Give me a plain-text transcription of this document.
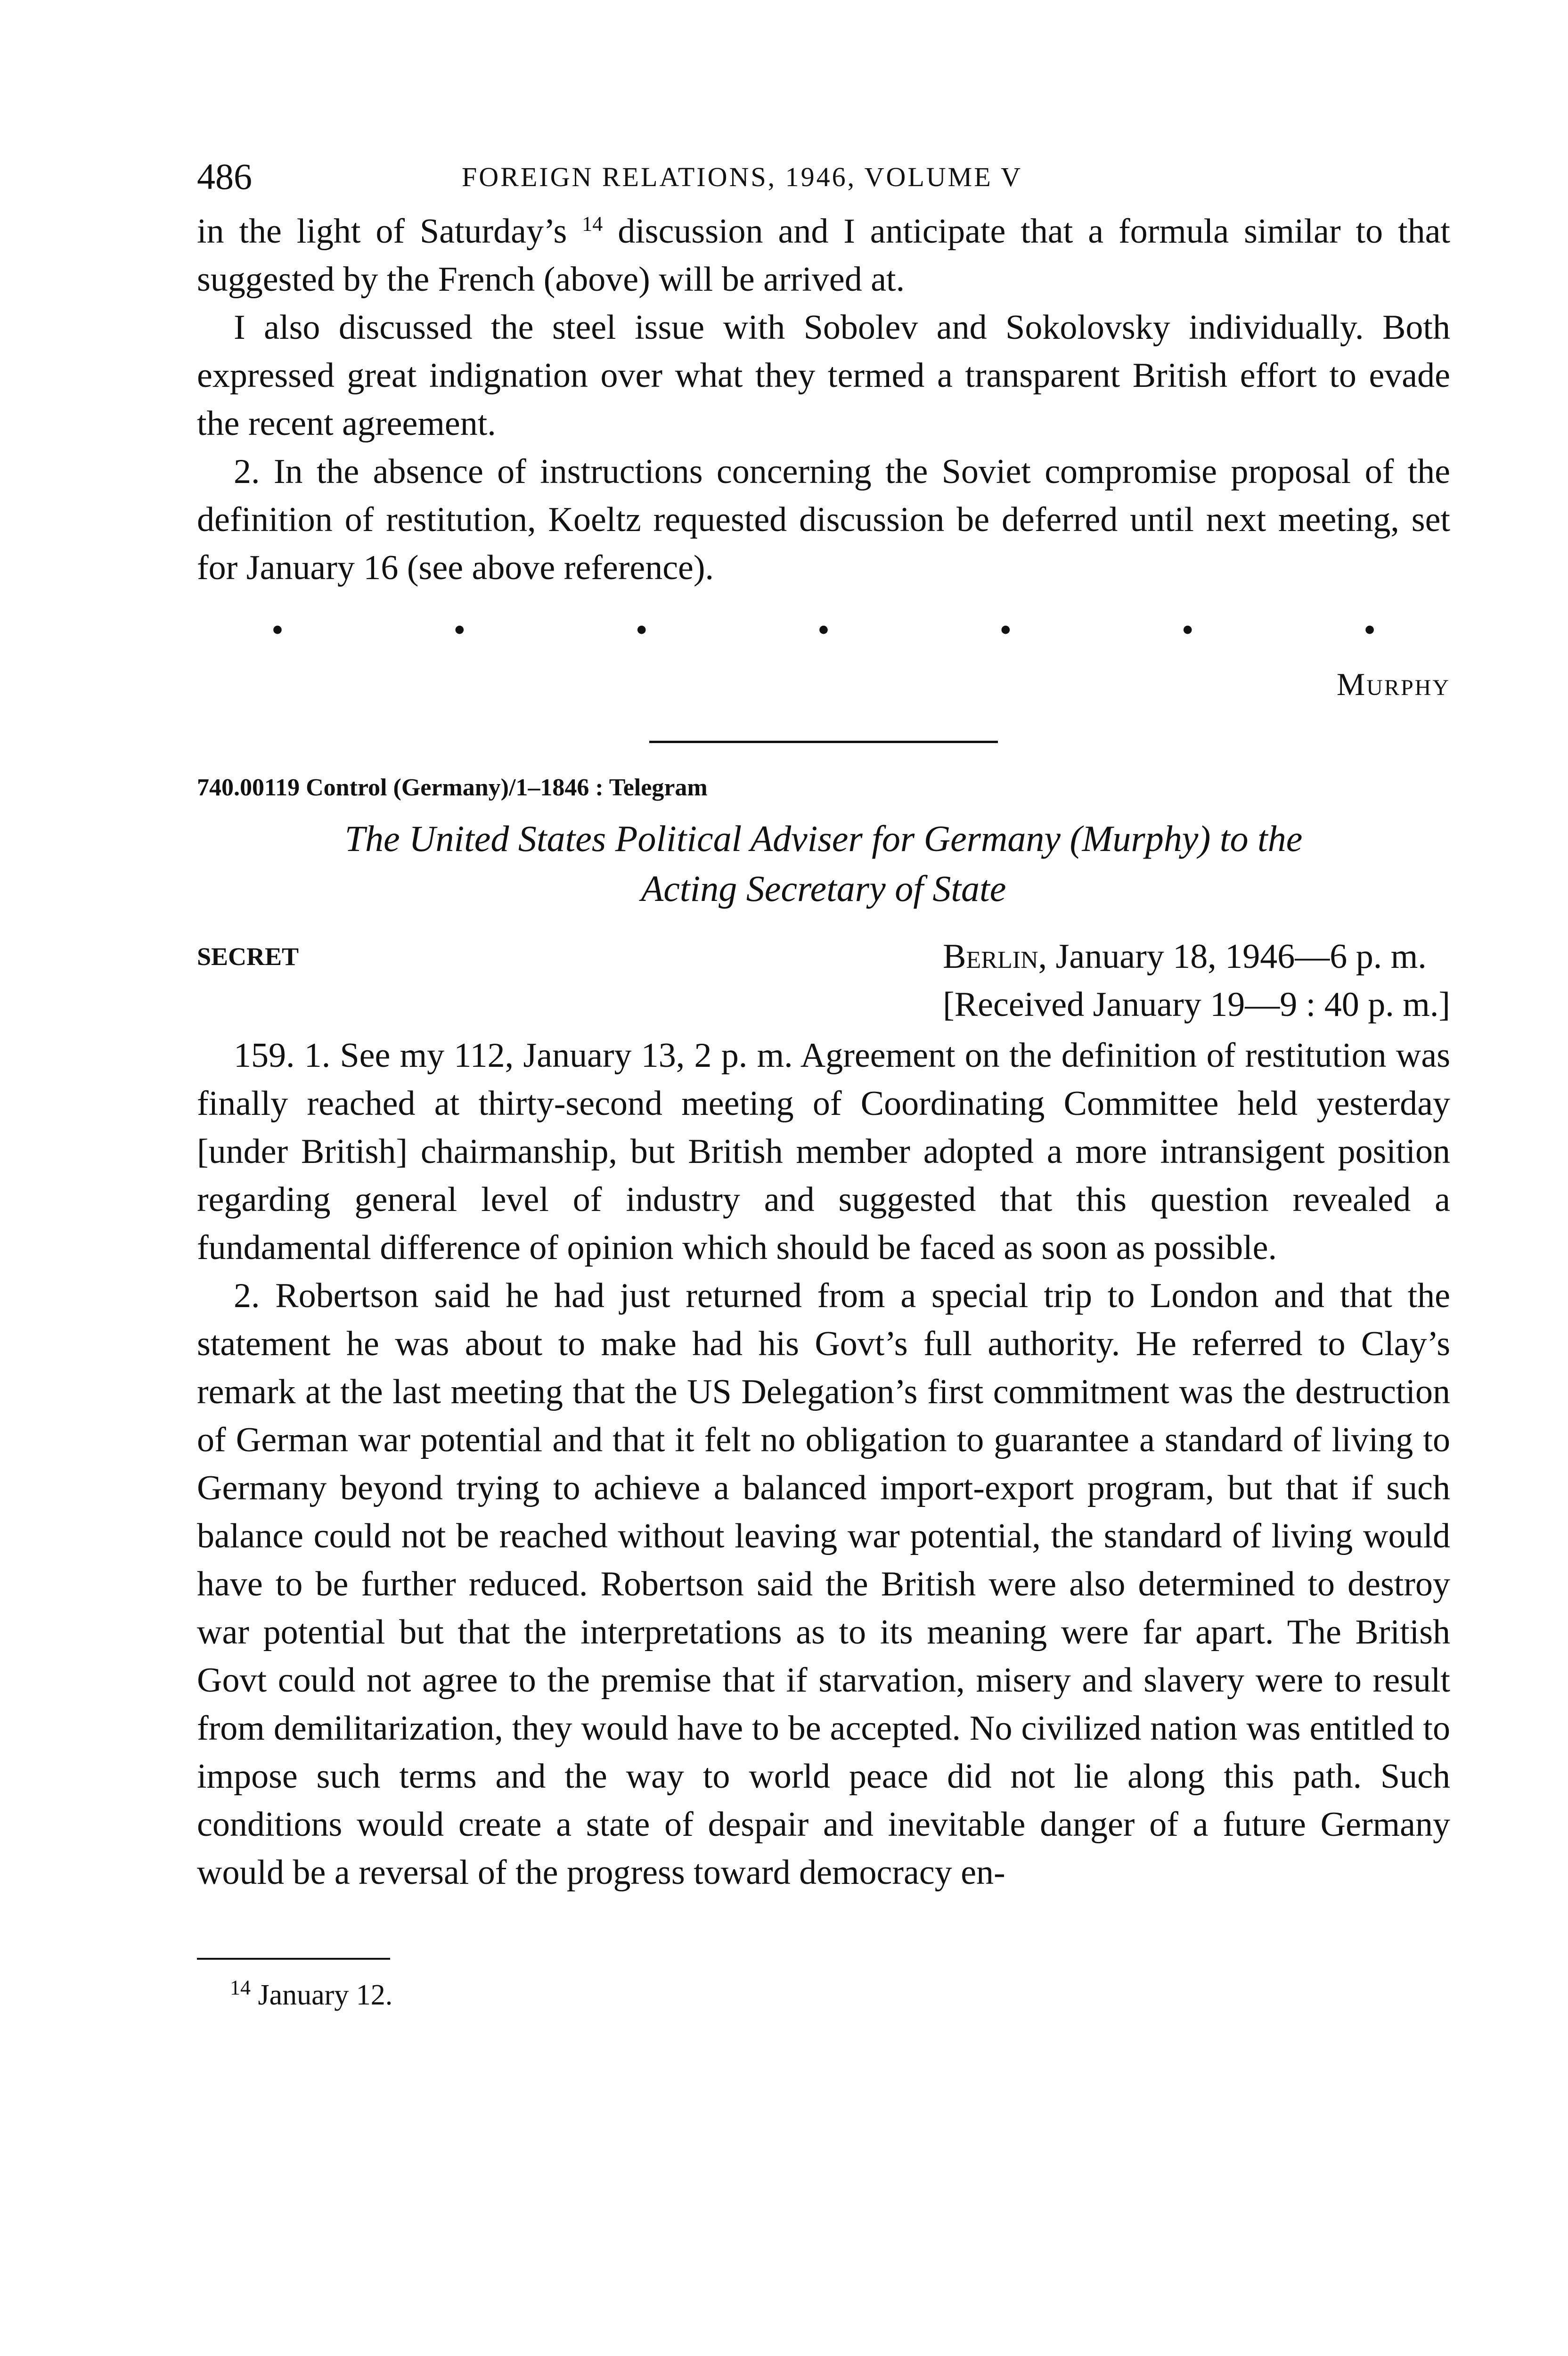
486	FOREIGN RELATIONS, 1946, VOLUME V

in the light of Saturday’s $^{14}$ discussion and I anticipate that a formula similar to that suggested by the French (above) will be arrived at.

I also discussed the steel issue with Sobolev and Sokolovsky individually. Both expressed great indignation over what they termed a transparent British effort to evade the recent agreement.

2. In the absence of instructions concerning the Soviet compromise proposal of the definition of restitution, Koeltz requested discussion be deferred until next meeting, set for January 16 (see above reference).

•	•	•	•	•	•	•
Murphy
740.00119 Control (Germany)/1–1846 : Telegram
The United States Political Adviser for Germany (Murphy) to the
Acting Secretary of State
SECRET	Berlin, January 18, 1946—6 p. m.
[Received January 19—9 : 40 p. m.]

159. 1. See my 112, January 13, 2 p. m. Agreement on the definition of restitution was finally reached at thirty-second meeting of Coordinating Committee held yesterday [under British] chairmanship, but British member adopted a more intransigent position regarding general level of industry and suggested that this question revealed a fundamental difference of opinion which should be faced as soon as possible.

2. Robertson said he had just returned from a special trip to London and that the statement he was about to make had his Govt’s full authority. He referred to Clay’s remark at the last meeting that the US Delegation’s first commitment was the destruction of German war potential and that it felt no obligation to guarantee a standard of living to Germany beyond trying to achieve a balanced import-export program, but that if such balance could not be reached without leaving war potential, the standard of living would have to be further reduced. Robertson said the British were also determined to destroy war potential but that the interpretations as to its meaning were far apart. The British Govt could not agree to the premise that if starvation, misery and slavery were to result from demilitarization, they would have to be accepted. No civilized nation was entitled to impose such terms and the way to world peace did not lie along this path. Such conditions would create a state of despair and inevitable danger of a future Germany would be a reversal of the progress toward democracy en-

$^{14}$ January 12.
